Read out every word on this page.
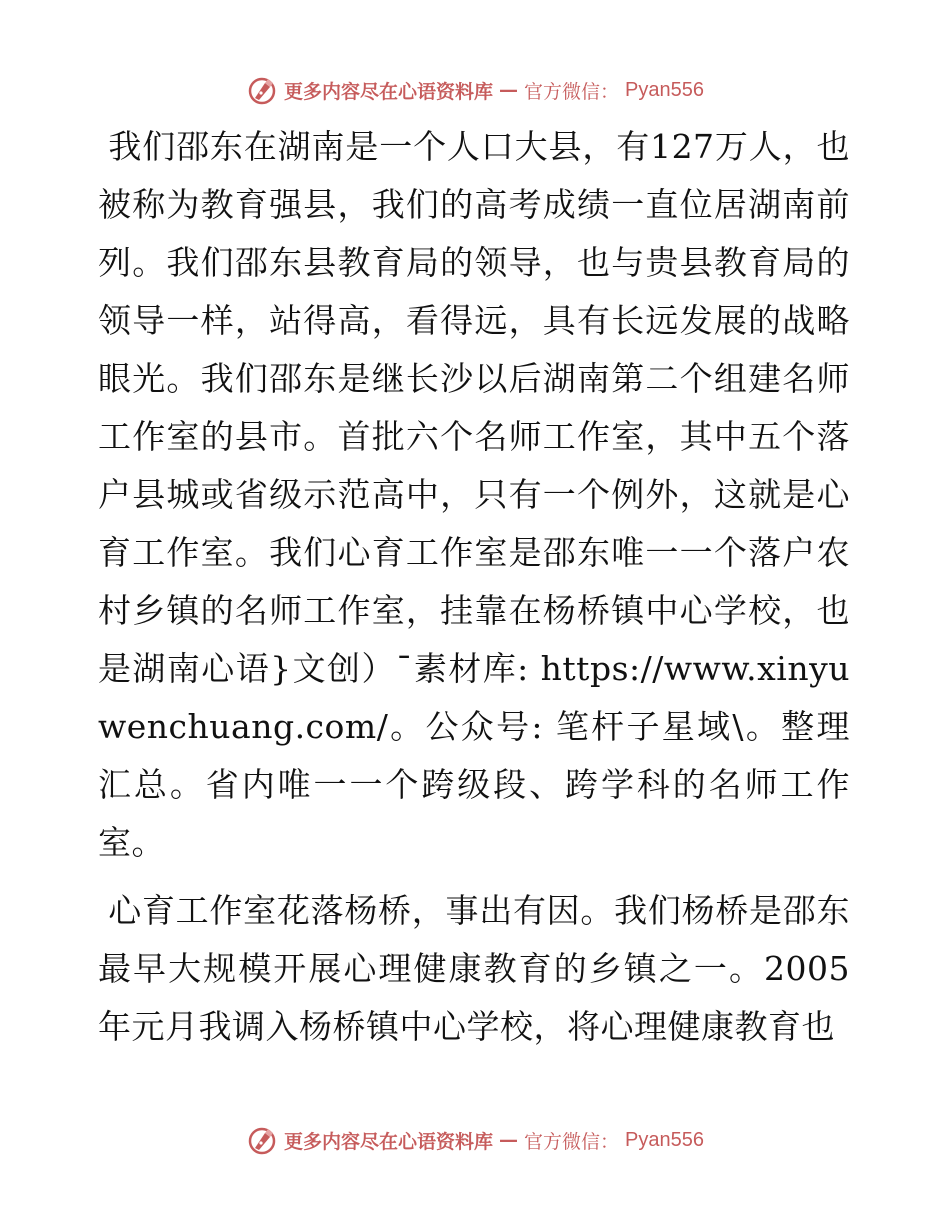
更多内容尽在心语资料库 — 官方微信： Pyan556

我们邵东在湖南是一个人口大县，有127万人，也被称为教育强县，我们的高考成绩一直位居湖南前列。我们邵东县教育局的领导，也与贵县教育局的领导一样，站得高，看得远，具有长远发展的战略眼光。我们邵东是继长沙以后湖南第二个组建名师工作室的县市。首批六个名师工作室，其中五个落户县城或省级示范高中，只有一个例外，这就是心育工作室。我们心育工作室是邵东唯一一个落户农村乡镇的名师工作室，挂靠在杨桥镇中心学校，也是湖南心语}文创）¯素材库: https://www.xinyuwenchuang.com/。公众号: 笔杆子星域\。整理汇总。省内唯一一个跨级段、跨学科的名师工作室。

心育工作室花落杨桥，事出有因。我们杨桥是邵东最早大规模开展心理健康教育的乡镇之一。2005年元月我调入杨桥镇中心学校，将心理健康教育也

更多内容尽在心语资料库 — 官方微信： Pyan556
